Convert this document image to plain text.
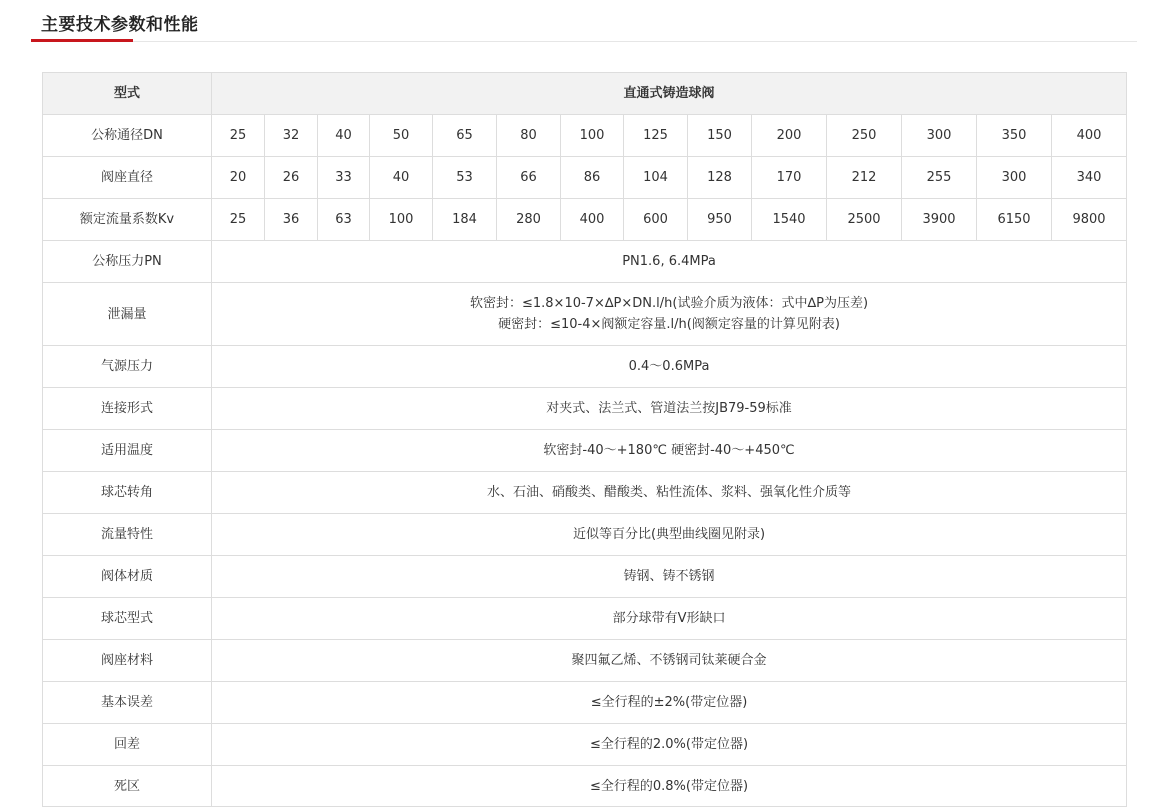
主要技术参数和性能
型式	直通式铸造球阀													
公称通径DN	25	32	40	50	65	80	100	125	150	200	250	300	350	400
阀座直径	20	26	33	40	53	66	86	104	128	170	212	255	300	340
额定流量系数Kv	25	36	63	100	184	280	400	600	950	1540	2500	3900	6150	9800
公称压力PN	PN1.6, 6.4MPa													
泄漏量	软密封：≤1.8×10-7×∆P×DN.l/h(试验介质为液体：式中∆P为压差)
硬密封：≤10-4×阀额定容量.l/h(阀额定容量的计算见附表)													

气源压力	0.4～0.6MPa													
连接形式	对夹式、法兰式、管道法兰按JB79-59标准													
适用温度	软密封-40～+180℃ 硬密封-40～+450℃													
球芯转角	水、石油、硝酸类、醋酸类、粘性流体、浆料、强氧化性介质等													
流量特性	近似等百分比(典型曲线圈见附录)													
阀体材质	铸钢、铸不锈钢													
球芯型式	部分球带有V形缺口													
阀座材料	聚四氟乙烯、不锈钢司钛莱硬合金													
基本误差	≤全行程的±2%(带定位器)													
回差	≤全行程的2.0%(带定位器)													
死区	≤全行程的0.8%(带定位器)													
